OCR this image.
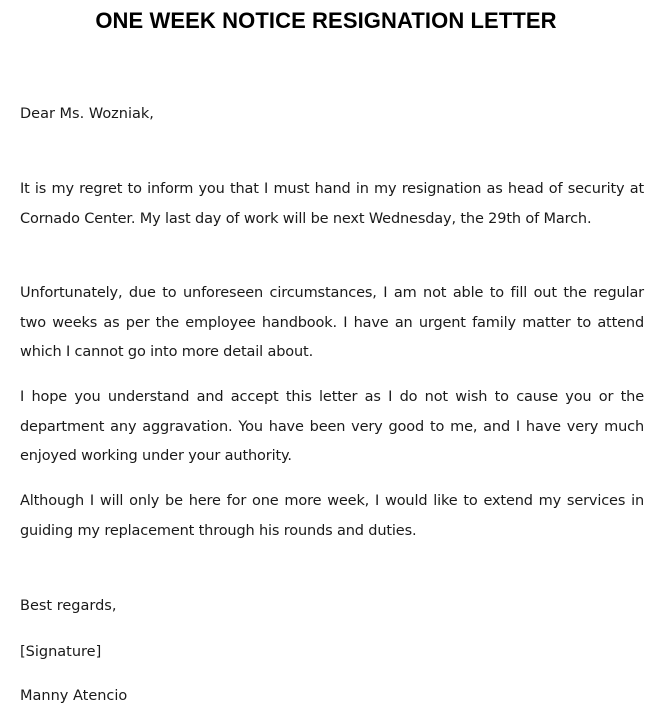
ONE WEEK NOTICE RESIGNATION LETTER

Dear Ms. Wozniak,

It is my regret to inform you that I must hand in my resignation as head of security at Cornado Center. My last day of work will be next Wednesday, the 29th of March.

Unfortunately, due to unforeseen circumstances, I am not able to fill out the regular two weeks as per the employee handbook. I have an urgent family matter to attend which I cannot go into more detail about.

I hope you understand and accept this letter as I do not wish to cause you or the department any aggravation. You have been very good to me, and I have very much enjoyed working under your authority.

Although I will only be here for one more week, I would like to extend my services in guiding my replacement through his rounds and duties.

Best regards,

[Signature]

Manny Atencio
